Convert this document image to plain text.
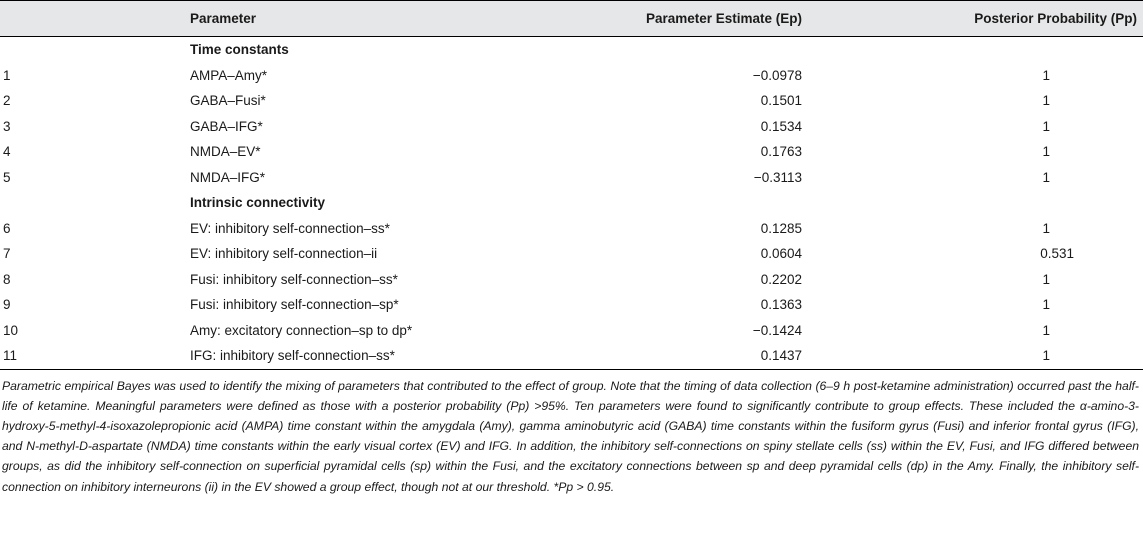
	Parameter	Parameter Estimate (Ep)	Posterior Probability (Pp)
	Time constants		
1	AMPA–Amy*	−0.0978	1
2	GABA–Fusi*	0.1501	1
3	GABA–IFG*	0.1534	1
4	NMDA–EV*	0.1763	1
5	NMDA–IFG*	−0.3113	1
	Intrinsic connectivity		
6	EV: inhibitory self-connection–ss*	0.1285	1
7	EV: inhibitory self-connection–ii	0.0604	0.531
8	Fusi: inhibitory self-connection–ss*	0.2202	1
9	Fusi: inhibitory self-connection–sp*	0.1363	1
10	Amy: excitatory connection–sp to dp*	−0.1424	1
11	IFG: inhibitory self-connection–ss*	0.1437	1

Parametric empirical Bayes was used to identify the mixing of parameters that contributed to the effect of group. Note that the timing of data collection (6–9 h post-ketamine administration) occurred past the half-life of ketamine. Meaningful parameters were defined as those with a posterior probability (Pp) >95%. Ten parameters were found to significantly contribute to group effects. These included the α-amino-3-hydroxy-5-methyl-4-isoxazolepropionic acid (AMPA) time constant within the amygdala (Amy), gamma aminobutyric acid (GABA) time constants within the fusiform gyrus (Fusi) and inferior frontal gyrus (IFG), and N-methyl-D-aspartate (NMDA) time constants within the early visual cortex (EV) and IFG. In addition, the inhibitory self-connections on spiny stellate cells (ss) within the EV, Fusi, and IFG differed between groups, as did the inhibitory self-connection on superficial pyramidal cells (sp) within the Fusi, and the excitatory connections between sp and deep pyramidal cells (dp) in the Amy. Finally, the inhibitory self-connection on inhibitory interneurons (ii) in the EV showed a group effect, though not at our threshold. *Pp > 0.95.
